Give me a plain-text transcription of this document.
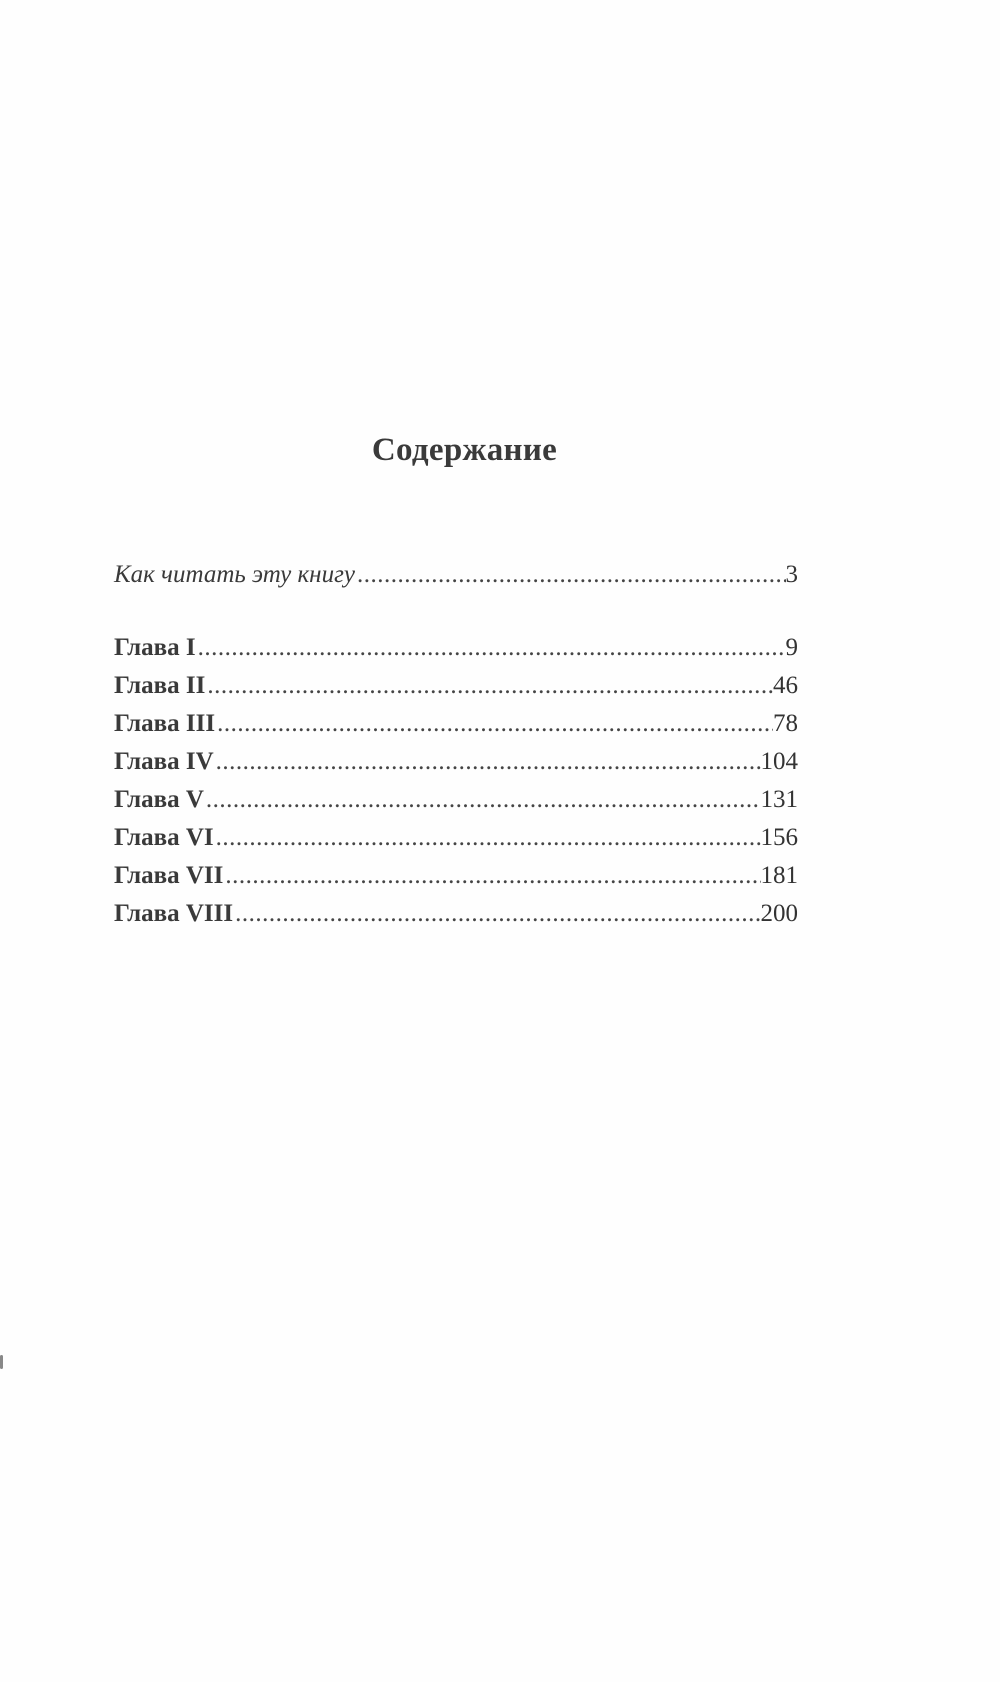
Содержание
Как читать эту книгу .....	3
Глава I .....	9
Глава II .....	46
Глава III .....	78
Глава IV .....	104
Глава V .....	131
Глава VI .....	156
Глава VII .....	181
Глава VIII .....	200
